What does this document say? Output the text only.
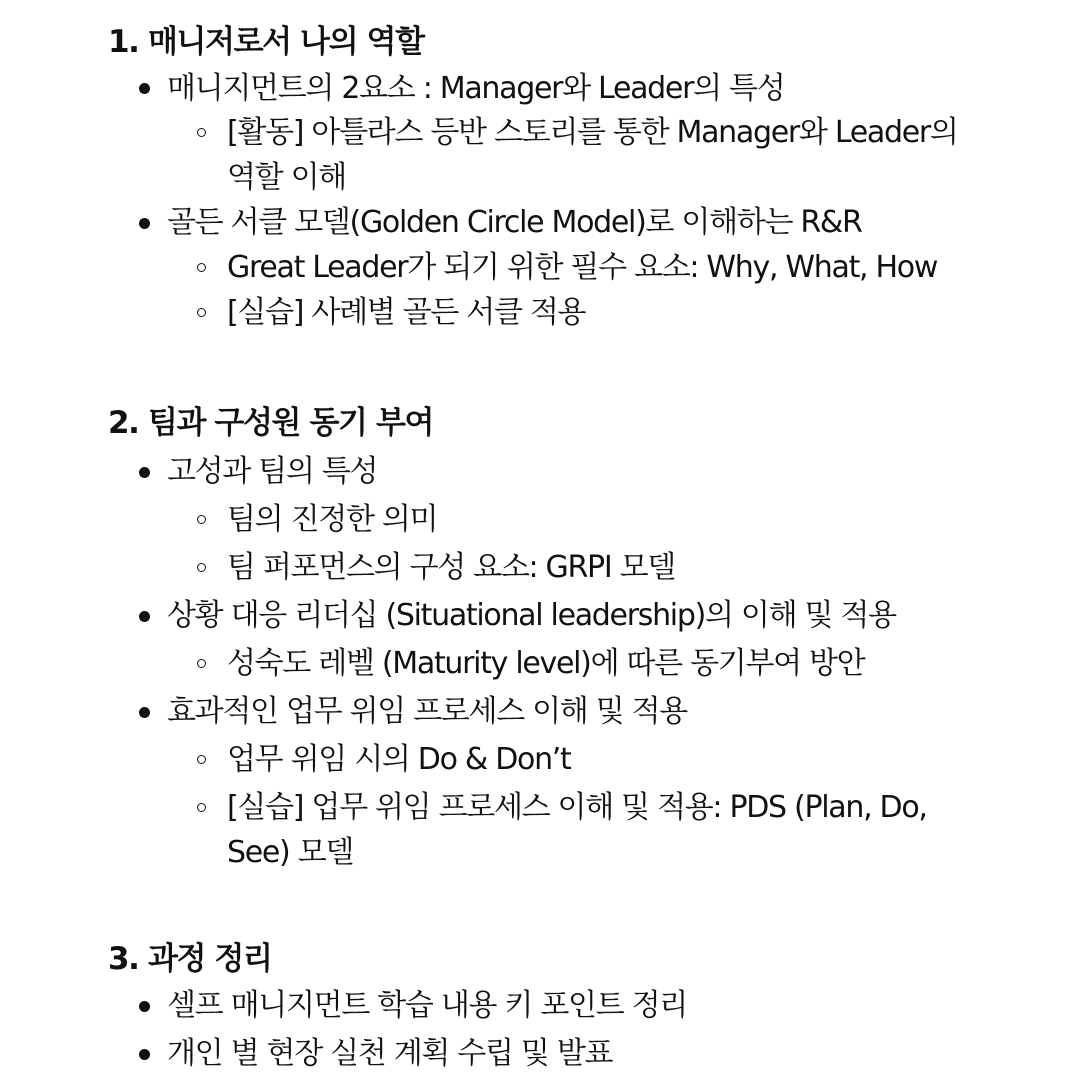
1. 매니저로서 나의 역할

매니지먼트의 2요소 : Manager와 Leader의 특성

[활동] 아틀라스 등반 스토리를 통한 Manager와 Leader의 역할 이해

골든 서클 모델(Golden Circle Model)로 이해하는 R&R

Great Leader가 되기 위한 필수 요소: Why, What, How

[실습] 사례별 골든 서클 적용

2. 팀과 구성원 동기 부여

고성과 팀의 특성

팀의 진정한 의미

팀 퍼포먼스의 구성 요소: GRPI 모델

상황 대응 리더십 (Situational leadership)의 이해 및 적용

성숙도 레벨 (Maturity level)에 따른 동기부여 방안

효과적인 업무 위임 프로세스 이해 및 적용

업무 위임 시의 Do & Don’t

[실습] 업무 위임 프로세스 이해 및 적용: PDS (Plan, Do, See) 모델

3. 과정 정리

셀프 매니지먼트 학습 내용 키 포인트 정리

개인 별 현장 실천 계획 수립 및 발표
